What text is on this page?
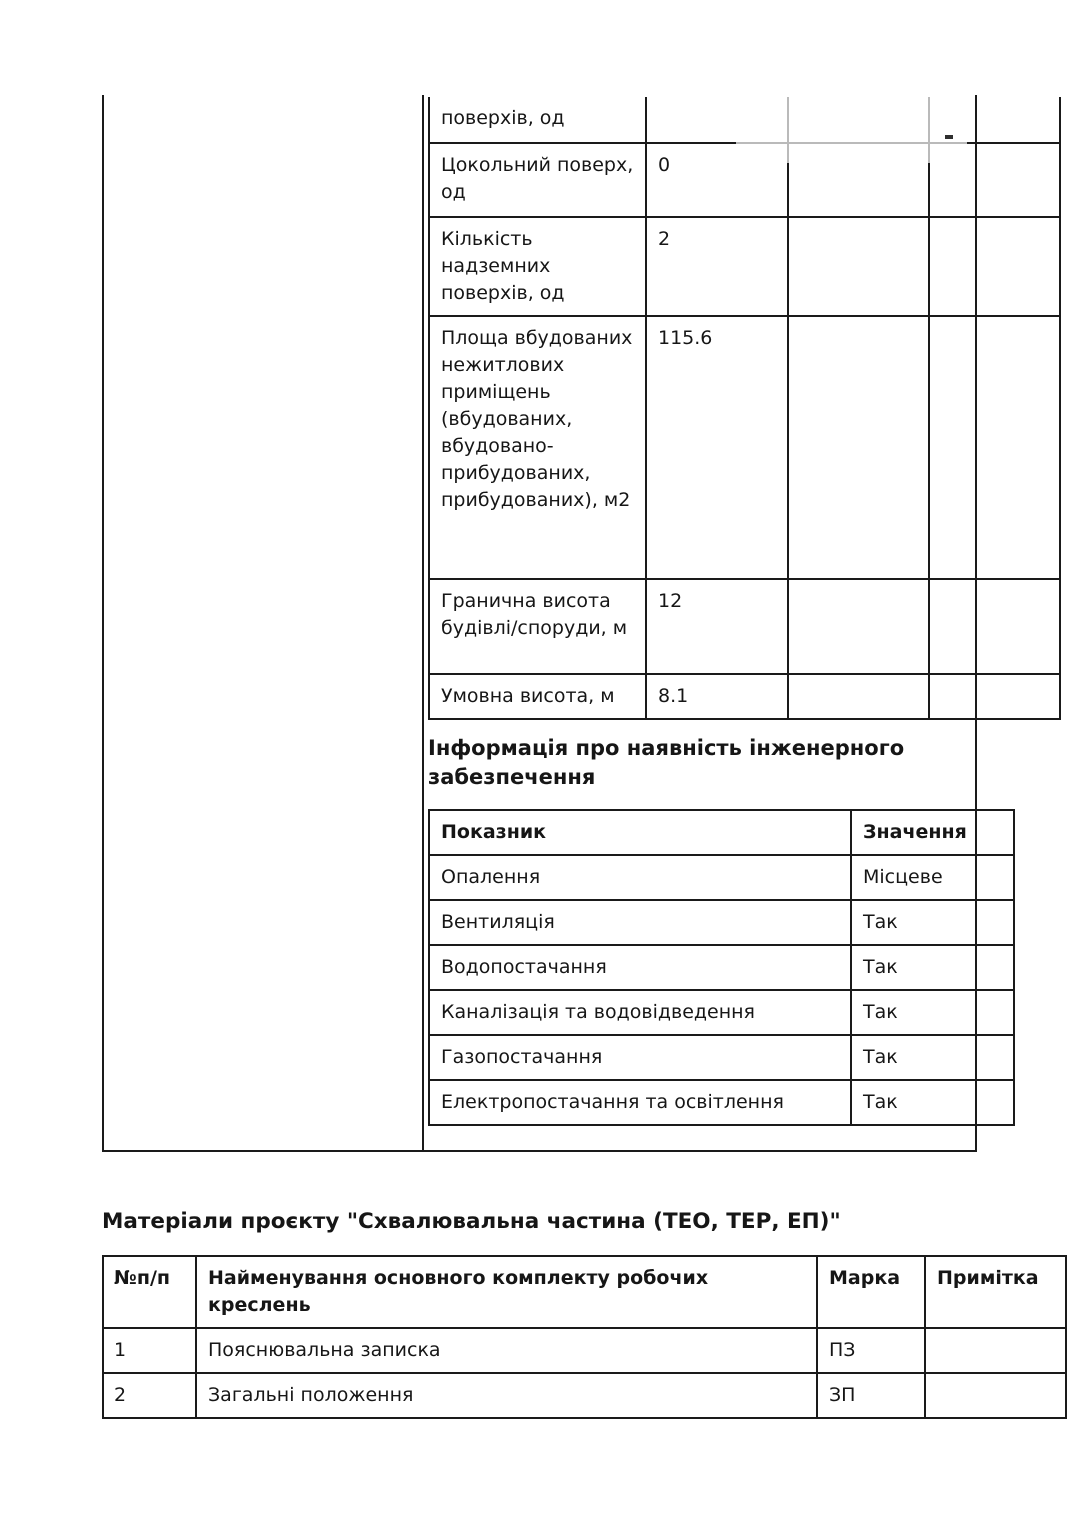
поверхів, од			
Цокольний поверх, од	0		
Кількість надземних поверхів, од	2		
Площа вбудованих нежитлових приміщень (вбудованих, вбудовано-прибудованих, прибудованих), м2	115.6		
Гранична висота будівлі/споруди, м	12		
Умовна висота, м	8.1		
Інформація про наявність інженерного забезпечення
Показник	Значення
Опалення	Місцеве
Вентиляція	Так
Водопостачання	Так
Каналізація та водовідведення	Так
Газопостачання	Так
Електропостачання та освітлення	Так
Матеріали проєкту "Схвалювальна частина (ТЕО, ТЕР, ЕП)"
№п/п	Найменування основного комплекту робочих креслень	Марка	Примітка
1	Пояснювальна записка	ПЗ	
2	Загальні положення	ЗП	
